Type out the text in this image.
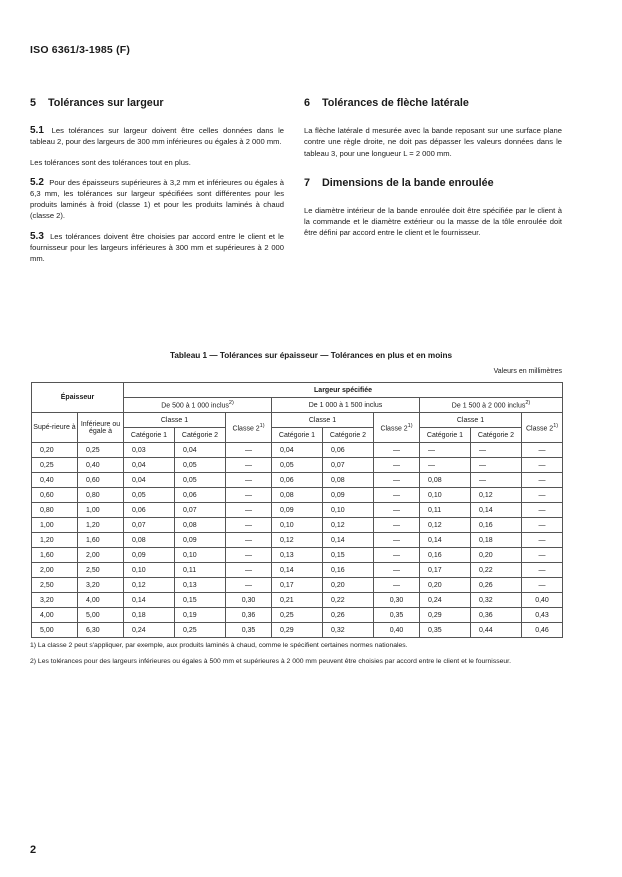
ISO 6361/3-1985 (F)
5 Tolérances sur largeur

5.1 Les tolérances sur largeur doivent être celles données dans le tableau 2, pour des largeurs de 300 mm inférieures ou égales à 2 000 mm.

Les tolérances sont des tolérances tout en plus.

5.2 Pour des épaisseurs supérieures à 3,2 mm et inférieures ou égales à 6,3 mm, les tolérances sur largeur spécifiées sont différentes pour les produits laminés à froid (classe 1) et pour les produits laminés à chaud (classe 2).

5.3 Les tolérances doivent être choisies par accord entre le client et le fournisseur pour les largeurs inférieures à 300 mm et supérieures à 2 000 mm.

6 Tolérances de flèche latérale

La flèche latérale d mesurée avec la bande reposant sur une surface plane contre une règle droite, ne doit pas dépasser les valeurs données dans le tableau 3, pour une longueur L = 2 000 mm.

7 Dimensions de la bande enroulée

Le diamètre intérieur de la bande enroulée doit être spécifiée par le client à la commande et le diamètre extérieur ou la masse de la tôle enroulée doit être défini par accord entre le client et le fournisseur.

Tableau 1 — Tolérances sur épaisseur — Tolérances en plus et en moins
Valeurs en millimètres
Épaisseur		Largeur spécifiée								
		De 500 à 1 000 inclus$^{2)}$			De 1 000 à 1 500 inclus			De 1 500 à 2 000 inclus$^{2)}$
Supé-rieure à	Inférieure ou égale à	Classe 1		Classe 2$^{1)}$	Classe 1		Classe 2$^{1)}$	Classe 1		Classe 2$^{1)}$
		Catégorie 1	Catégorie 2		Catégorie 1	Catégorie 2		Catégorie 1	Catégorie 2	
0,20	0,25	0,03	0,04	—	0,04	0,06	—	—	—	—
0,25	0,40	0,04	0,05	—	0,05	0,07	—	—	—	—
0,40	0,60	0,04	0,05	—	0,06	0,08	—	0,08	—	—
0,60	0,80	0,05	0,06	—	0,08	0,09	—	0,10	0,12	—
0,80	1,00	0,06	0,07	—	0,09	0,10	—	0,11	0,14	—
1,00	1,20	0,07	0,08	—	0,10	0,12	—	0,12	0,16	—
1,20	1,60	0,08	0,09	—	0,12	0,14	—	0,14	0,18	—
1,60	2,00	0,09	0,10	—	0,13	0,15	—	0,16	0,20	—
2,00	2,50	0,10	0,11	—	0,14	0,16	—	0,17	0,22	—
2,50	3,20	0,12	0,13	—	0,17	0,20	—	0,20	0,26	—
3,20	4,00	0,14	0,15	0,30	0,21	0,22	0,30	0,24	0,32	0,40
4,00	5,00	0,18	0,19	0,36	0,25	0,26	0,35	0,29	0,36	0,43
5,00	6,30	0,24	0,25	0,35	0,29	0,32	0,40	0,35	0,44	0,46
1) La classe 2 peut s'appliquer, par exemple, aux produits laminés à chaud, comme le spécifient certaines normes nationales.
2) Les tolérances pour des largeurs inférieures ou égales à 500 mm et supérieures à 2 000 mm peuvent être choisies par accord entre le client et le fournisseur.
2
